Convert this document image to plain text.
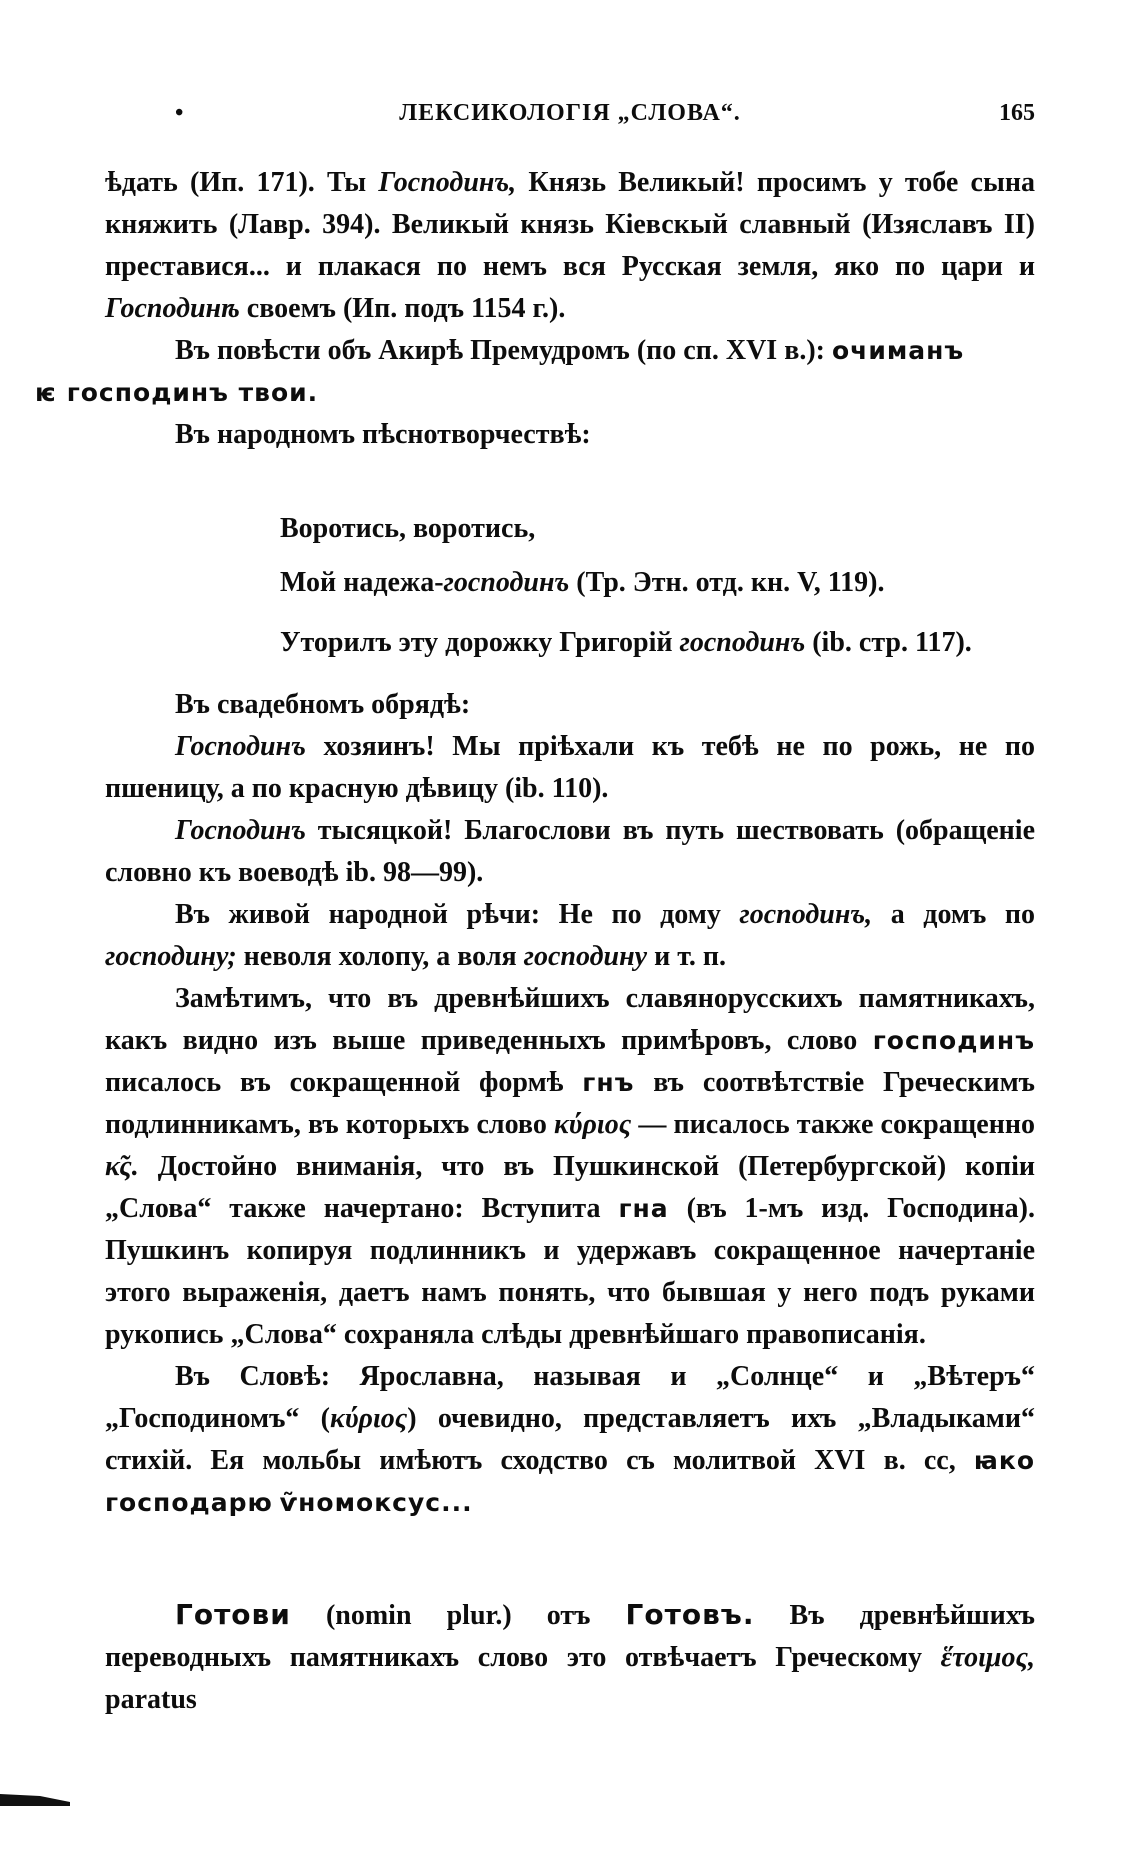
•	ЛЕКСИКОЛОГІЯ „СЛОВА“.	165

ѣдать (Ип. 171). Ты Господинъ, Князь Великый! просимъ у тобе сына княжить (Лавр. 394). Великый князь Кіевскый славный (Изяславъ II) преставися... и плакася по немъ вся Русская земля, яко по цари и Господинѣ своемъ (Ип. подъ 1154 г.).

Въ повѣсти объ Акирѣ Премудромъ (по сп. XVI в.): очиманъ
ѥ господинъ твои.

Въ народномъ пѣснотворчествѣ:

Воротись, воротись,
Мой надежа-господинъ (Тр. Этн. отд. кн. V, 119).
Уторилъ эту дорожку Григорій господинъ (ib. стр. 117).

Въ свадебномъ обрядѣ:

Господинъ хозяинъ! Мы пріѣхали къ тебѣ не по рожь, не по пшеницу, а по красную дѣвицу (ib. 110).

Господинъ тысяцкой! Благослови въ путь шествовать (обращеніе словно къ воеводѣ ib. 98—99).

Въ живой народной рѣчи: Не по дому господинъ, а домъ по господину; неволя холопу, а воля господину и т. п.

Замѣтимъ, что въ древнѣйшихъ славянорусскихъ памятникахъ, какъ видно изъ выше приведенныхъ примѣровъ, слово господинъ писалось въ сокращенной формѣ гнъ въ соотвѣтствіе Греческимъ подлинникамъ, въ которыхъ слово κύριος — писалось также сокращенно κ̃ς. Достойно вниманія, что въ Пушкинской (Петербургской) копіи „Слова“ также начертано: Вступита гна (въ 1-мъ изд. Господина). Пушкинъ копируя подлинникъ и удержавъ сокращенное начертаніе этого выраженія, даетъ намъ понять, что бывшая у него подъ руками рукопись „Слова“ сохраняла слѣды древнѣйшаго правописанія.

Въ Словѣ: Ярославна, называя и „Солнце“ и „Вѣтеръ“ „Господиномъ“ (κύριος) очевидно, представляетъ ихъ „Владыками“ стихій. Ея мольбы имѣютъ сходство съ молитвой XVI в. сс, ꙗко господарю ѵ̃номоксус...

Готови (nomin plur.) отъ Готовъ. Въ древнѣйшихъ переводныхъ памятникахъ слово это отвѣчаетъ Греческому ἕτοιμος, paratus
